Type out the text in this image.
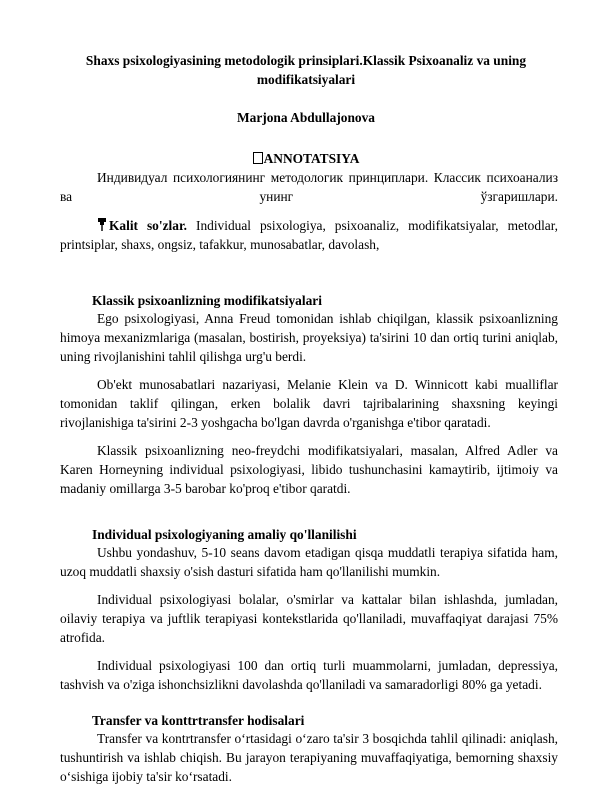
Shaxs psixologiyasining metodologik prinsiplari.Klassik Psixoanaliz va uning modifikatsiyalari
Marjona Abdullajonova
ANNOTATSIYA
Индивидуал психологиянинг методологик принциплари. Классик психоанализ ва унинг ўзгаришлари.
Kalit so'zlar. Individual psixologiya, psixoanaliz, modifikatsiyalar, metodlar, printsiplar, shaxs, ongsiz, tafakkur, munosabatlar, davolash,
Klassik psixoanlizning modifikatsiyalari
Ego psixologiyasi, Anna Freud tomonidan ishlab chiqilgan, klassik psixoanlizning himoya mexanizmlariga (masalan, bostirish, proyeksiya) ta'sirini 10 dan ortiq turini aniqlab, uning rivojlanishini tahlil qilishga urg'u berdi.
Ob'ekt munosabatlari nazariyasi, Melanie Klein va D. Winnicott kabi mualliflar tomonidan taklif qilingan, erken bolalik davri tajribalarining shaxsning keyingi rivojlanishiga ta'sirini 2-3 yoshgacha bo'lgan davrda o'rganishga e'tibor qaratadi.
Klassik psixoanlizning neo-freydchi modifikatsiyalari, masalan, Alfred Adler va Karen Horneyning individual psixologiyasi, libido tushunchasini kamaytirib, ijtimoiy va madaniy omillarga 3-5 barobar ko'proq e'tibor qaratdi.
Individual psixologiyaning amaliy qo'llanilishi
Ushbu yondashuv, 5-10 seans davom etadigan qisqa muddatli terapiya sifatida ham, uzoq muddatli shaxsiy o'sish dasturi sifatida ham qo'llanilishi mumkin.
Individual psixologiyasi bolalar, o'smirlar va kattalar bilan ishlashda, jumladan, oilaviy terapiya va juftlik terapiyasi kontekstlarida qo'llaniladi, muvaffaqiyat darajasi 75% atrofida.
Individual psixologiyasi 100 dan ortiq turli muammolarni, jumladan, depressiya, tashvish va o'ziga ishonchsizlikni davolashda qo'llaniladi va samaradorligi 80% ga yetadi.
Transfer va konttrtransfer hodisalari
Transfer va kontrtransfer o‘rtasidagi o‘zaro ta'sir 3 bosqichda tahlil qilinadi: aniqlash, tushuntirish va ishlab chiqish. Bu jarayon terapiyaning muvaffaqiyatiga, bemorning shaxsiy o‘sishiga ijobiy ta'sir ko‘rsatadi.
